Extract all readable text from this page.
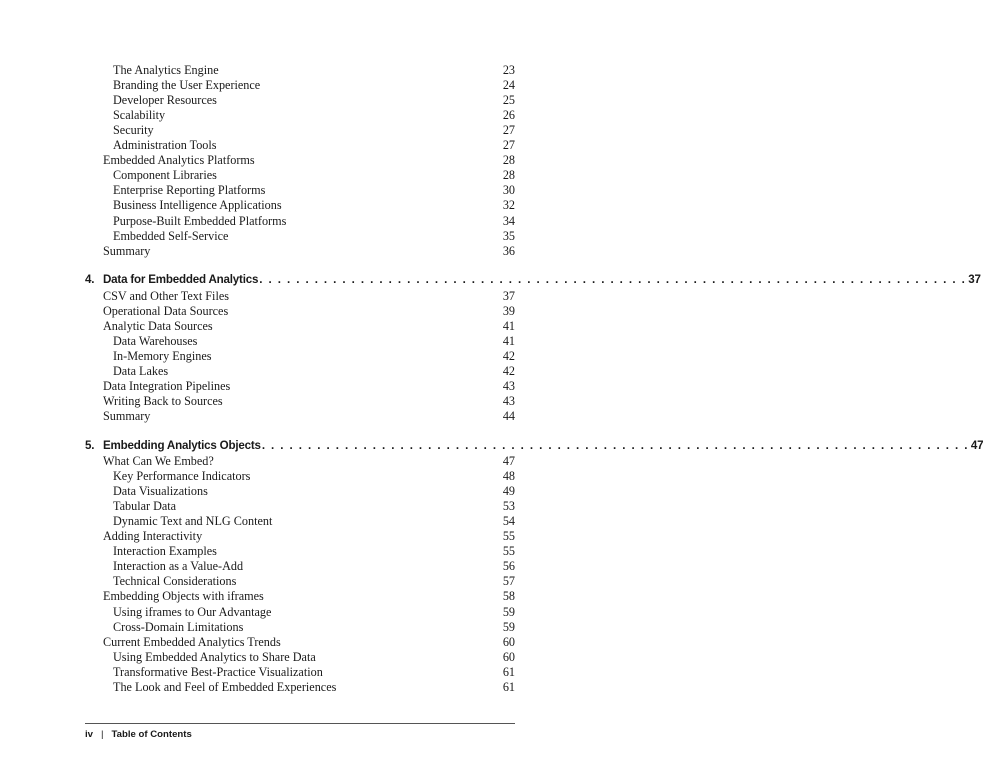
The Analytics Engine	23
Branding the User Experience	24
Developer Resources	25
Scalability	26
Security	27
Administration Tools	27
Embedded Analytics Platforms	28
Component Libraries	28
Enterprise Reporting Platforms	30
Business Intelligence Applications	32
Purpose-Built Embedded Platforms	34
Embedded Self-Service	35
Summary	36
4. Data for Embedded Analytics . . . . . . . . . . . . . . . . . . . . . . . . . . . . . . . . . . . . . . . . . . . . . . . . . . . . . . . . . . . . . . . . . . . . . . . . . . . . . 37
CSV and Other Text Files	37
Operational Data Sources	39
Analytic Data Sources	41
Data Warehouses	41
In-Memory Engines	42
Data Lakes	42
Data Integration Pipelines	43
Writing Back to Sources	43
Summary	44
5. Embedding Analytics Objects . . . . . . . . . . . . . . . . . . . . . . . . . . . . . . . . . . . . . . . . . . . . . . . . . . . . . . . . . . . . . . . . . . . . . . . . . . . . . 47
What Can We Embed?	47
Key Performance Indicators	48
Data Visualizations	49
Tabular Data	53
Dynamic Text and NLG Content	54
Adding Interactivity	55
Interaction Examples	55
Interaction as a Value-Add	56
Technical Considerations	57
Embedding Objects with iframes	58
Using iframes to Our Advantage	59
Cross-Domain Limitations	59
Current Embedded Analytics Trends	60
Using Embedded Analytics to Share Data	60
Transformative Best-Practice Visualization	61
The Look and Feel of Embedded Experiences	61
iv | Table of Contents
